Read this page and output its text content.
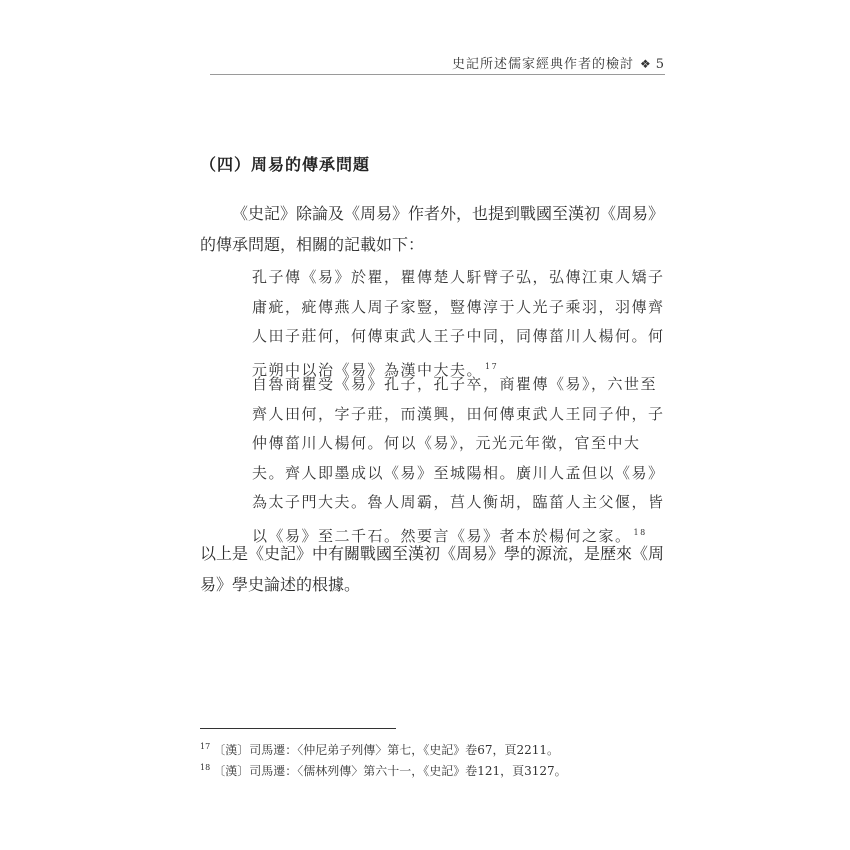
史記所述儒家經典作者的檢討 ❖ 5
（四）周易的傳承問題

《史記》除論及《周易》作者外，也提到戰國至漢初《周易》的傳承問題，相關的記載如下：

孔子傳《易》於瞿，瞿傳楚人馯臂子弘，弘傳江東人矯子庸疵，疵傳燕人周子家豎，豎傳淳于人光子乘羽，羽傳齊人田子莊何，何傳東武人王子中同，同傳菑川人楊何。何元朔中以治《易》為漢中大夫。 $^{17}$

自魯商瞿受《易》孔子，孔子卒，商瞿傳《易》，六世至齊人田何，字子莊，而漢興，田何傳東武人王同子仲，子仲傳菑川人楊何。何以《易》，元光元年徵，官至中大夫。齊人即墨成以《易》至城陽相。廣川人孟但以《易》為太子門大夫。魯人周霸，莒人衡胡，臨菑人主父偃，皆以《易》至二千石。然要言《易》者本於楊何之家。 $^{18}$

以上是《史記》中有關戰國至漢初《周易》學的源流，是歷來《周易》學史論述的根據。

$^{17}$ 〔漢〕司馬遷：〈仲尼弟子列傳〉第七，《史記》卷67，頁2211。
$^{18}$ 〔漢〕司馬遷：〈儒林列傳〉第六十一，《史記》卷121，頁3127。
